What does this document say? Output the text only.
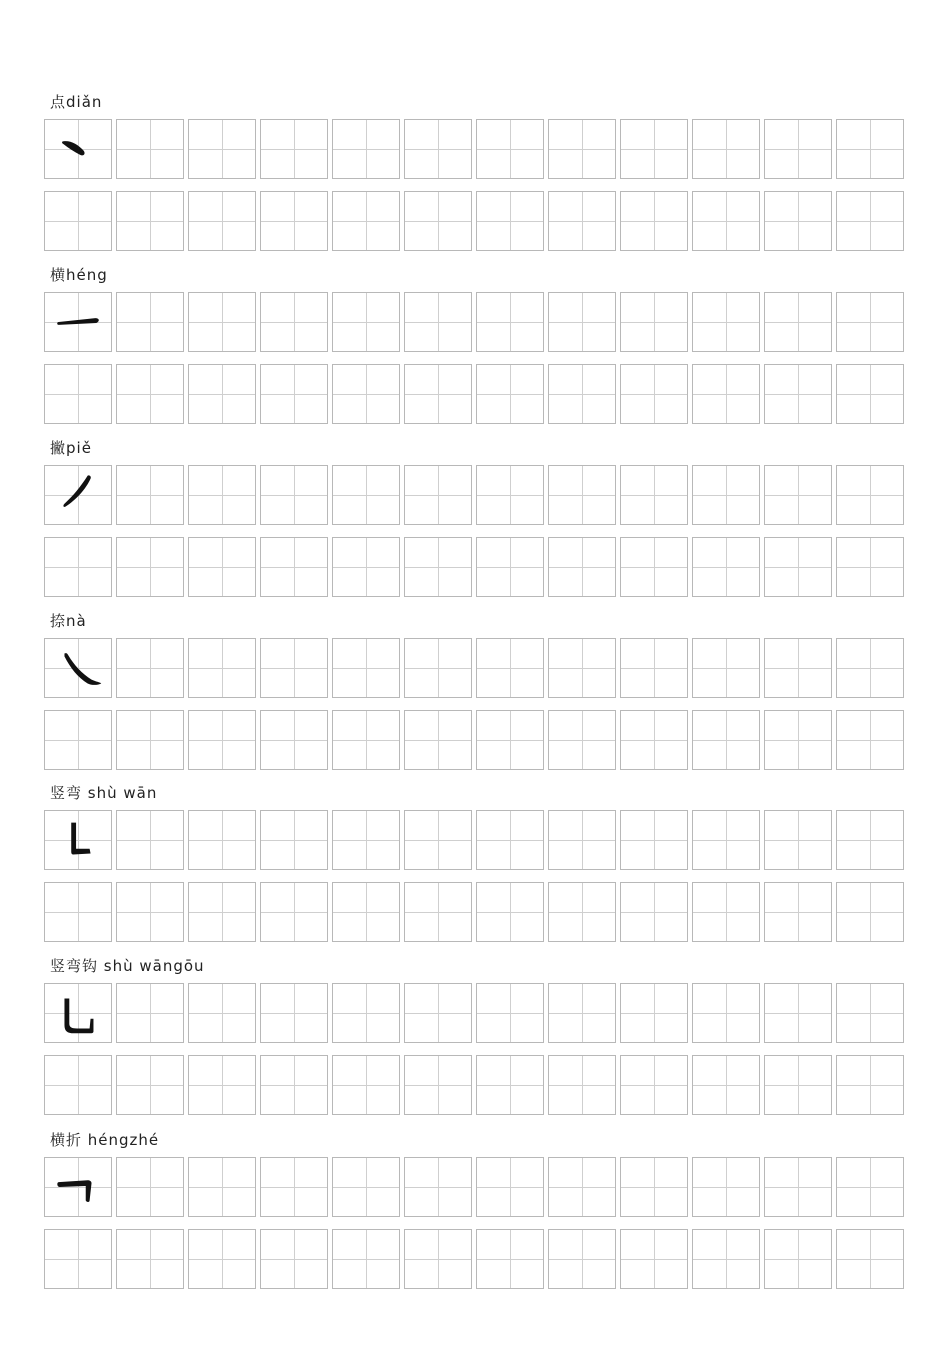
点diǎn
横héng
撇piě
捺nà
竖弯 shù wān
竖弯钩 shù wāngōu
横折 héngzhé
